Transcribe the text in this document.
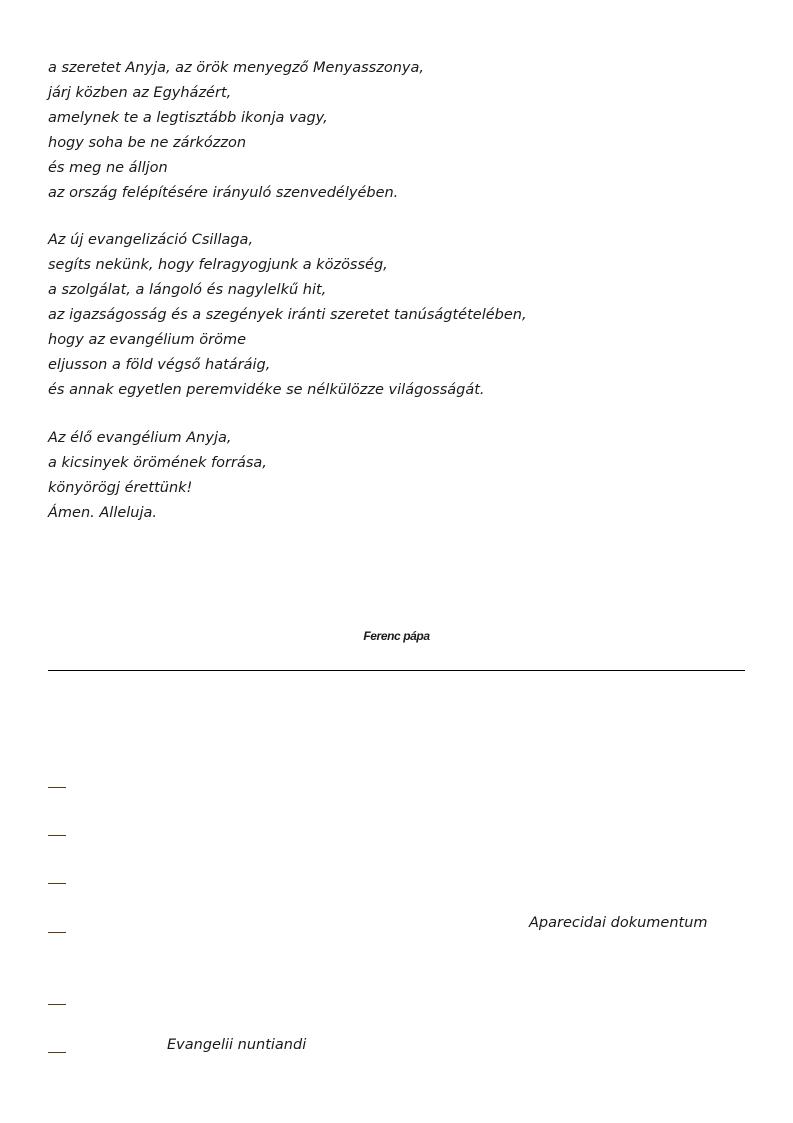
a szeretet Anyja, az örök menyegző Menyasszonya,
járj közben az Egyházért,
amelynek te a legtisztább ikonja vagy,
hogy soha be ne zárkózzon
és meg ne álljon
az ország felépítésére irányuló szenvedélyében.
Az új evangelizáció Csillaga,
segíts nekünk, hogy felragyogjunk a közösség,
a szolgálat, a lángoló és nagylelkű hit,
az igazságosság és a szegények iránti szeretet tanúságtételében,
hogy az evangélium öröme
eljusson a föld végső határáig,
és annak egyetlen peremvidéke se nélkülözze világosságát.
Az élő evangélium Anyja,
a kicsinyek örömének forrása,
könyörögj érettünk!
Ámen. Alleluja.
Ferenc pápa
Aparecidai dokumentum
Evangelii nuntiandi
